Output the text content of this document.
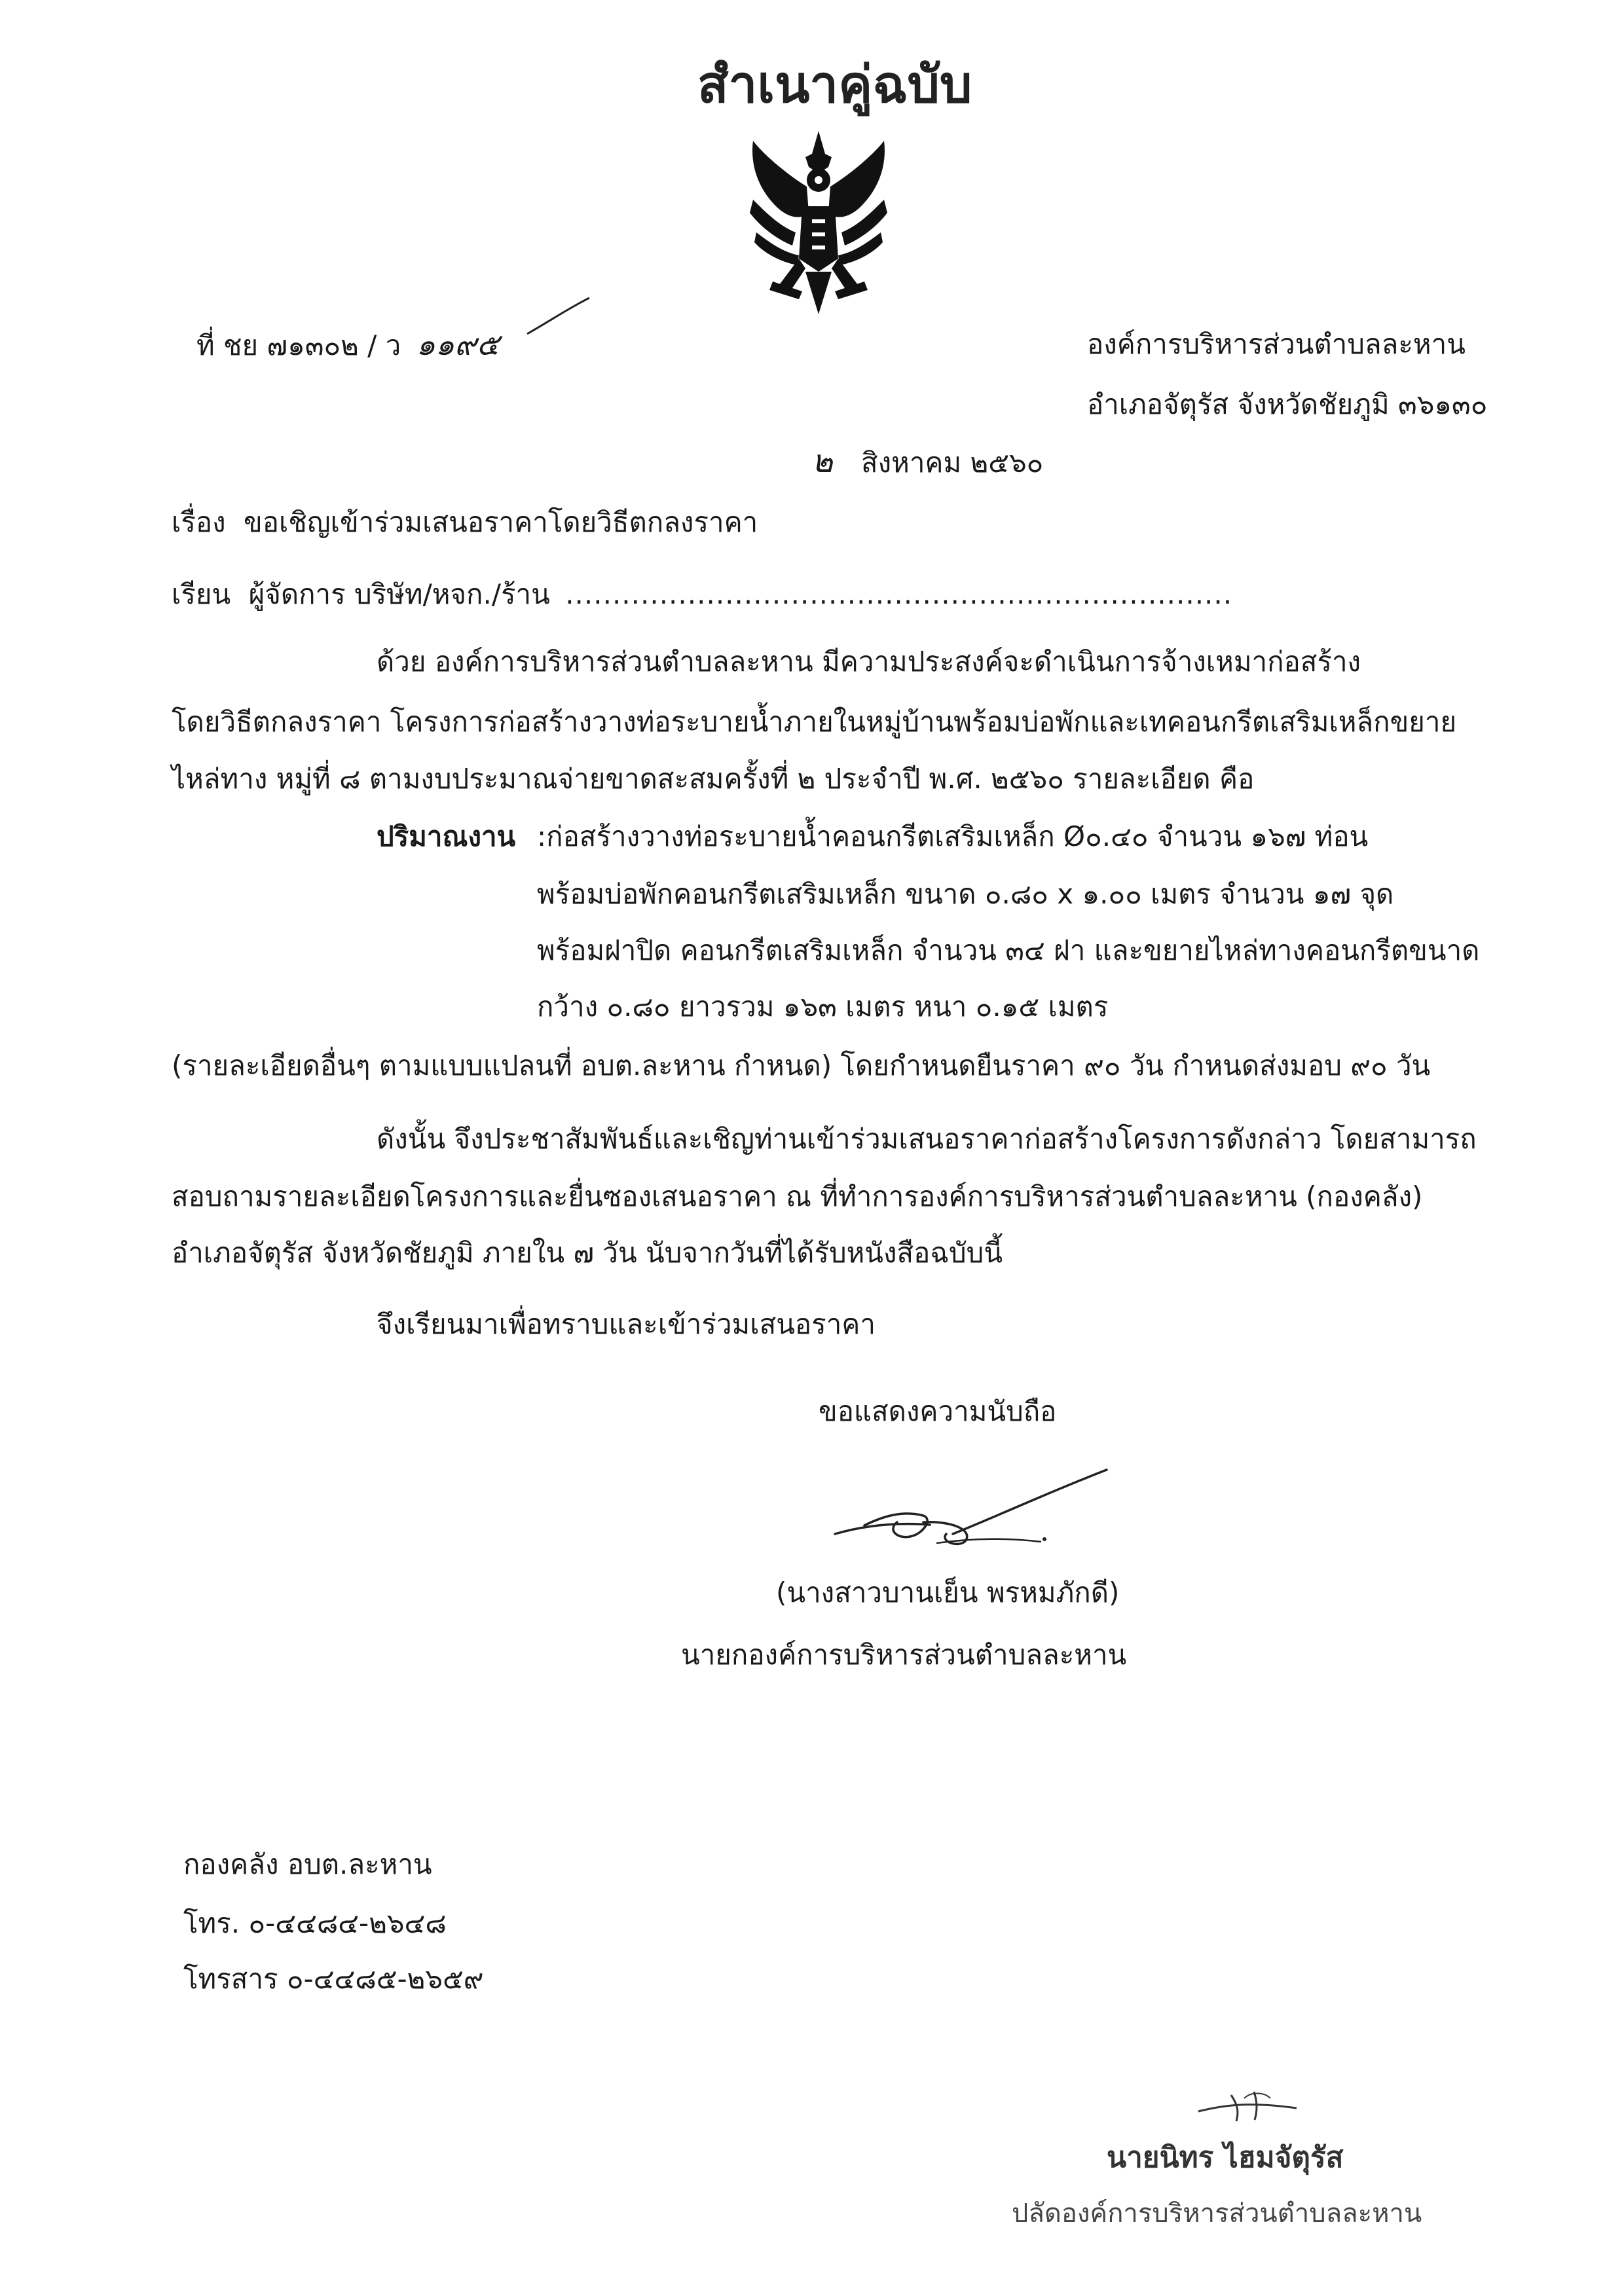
สำเนาคู่ฉบับ
ที่ ชย ๗๑๓๐๒ / ว ๑๑๙๕	องค์การบริหารส่วนตำบลละหาน
อำเภอจัตุรัส จังหวัดชัยภูมิ ๓๖๑๓๐
๒ สิงหาคม ๒๕๖๐
เรื่อง ขอเชิญเข้าร่วมเสนอราคาโดยวิธีตกลงราคา
เรียน ผู้จัดการ บริษัท/หจก./ร้าน .......................................................................
ด้วย องค์การบริหารส่วนตำบลละหาน มีความประสงค์จะดำเนินการจ้างเหมาก่อสร้าง
โดยวิธีตกลงราคา โครงการก่อสร้างวางท่อระบายน้ำภายในหมู่บ้านพร้อมบ่อพักและเทคอนกรีตเสริมเหล็กขยาย
ไหล่ทาง หมู่ที่ ๘ ตามงบประมาณจ่ายขาดสะสมครั้งที่ ๒ ประจำปี พ.ศ. ๒๕๖๐ รายละเอียด คือ
ปริมาณงาน :ก่อสร้างวางท่อระบายน้ำคอนกรีตเสริมเหล็ก Ø๐.๔๐ จำนวน ๑๖๗ ท่อน
พร้อมบ่อพักคอนกรีตเสริมเหล็ก ขนาด ๐.๘๐ x ๑.๐๐ เมตร จำนวน ๑๗ จุด
พร้อมฝาปิด คอนกรีตเสริมเหล็ก จำนวน ๓๔ ฝา และขยายไหล่ทางคอนกรีตขนาด
กว้าง ๐.๘๐ ยาวรวม ๑๖๓ เมตร หนา ๐.๑๕ เมตร
(รายละเอียดอื่นๆ ตามแบบแปลนที่ อบต.ละหาน กำหนด) โดยกำหนดยืนราคา ๙๐ วัน กำหนดส่งมอบ ๙๐ วัน
ดังนั้น จึงประชาสัมพันธ์และเชิญท่านเข้าร่วมเสนอราคาก่อสร้างโครงการดังกล่าว โดยสามารถ
สอบถามรายละเอียดโครงการและยื่นซองเสนอราคา ณ ที่ทำการองค์การบริหารส่วนตำบลละหาน (กองคลัง)
อำเภอจัตุรัส จังหวัดชัยภูมิ ภายใน ๗ วัน นับจากวันที่ได้รับหนังสือฉบับนี้
จึงเรียนมาเพื่อทราบและเข้าร่วมเสนอราคา
ขอแสดงความนับถือ
(นางสาวบานเย็น พรหมภักดี)
นายกองค์การบริหารส่วนตำบลละหาน
กองคลัง อบต.ละหาน
โทร. ๐-๔๔๘๔-๒๖๔๘
โทรสาร ๐-๔๔๘๕-๒๖๕๙
นายนิทร ไฮมจัตุรัส
ปลัดองค์การบริหารส่วนตำบลละหาน
